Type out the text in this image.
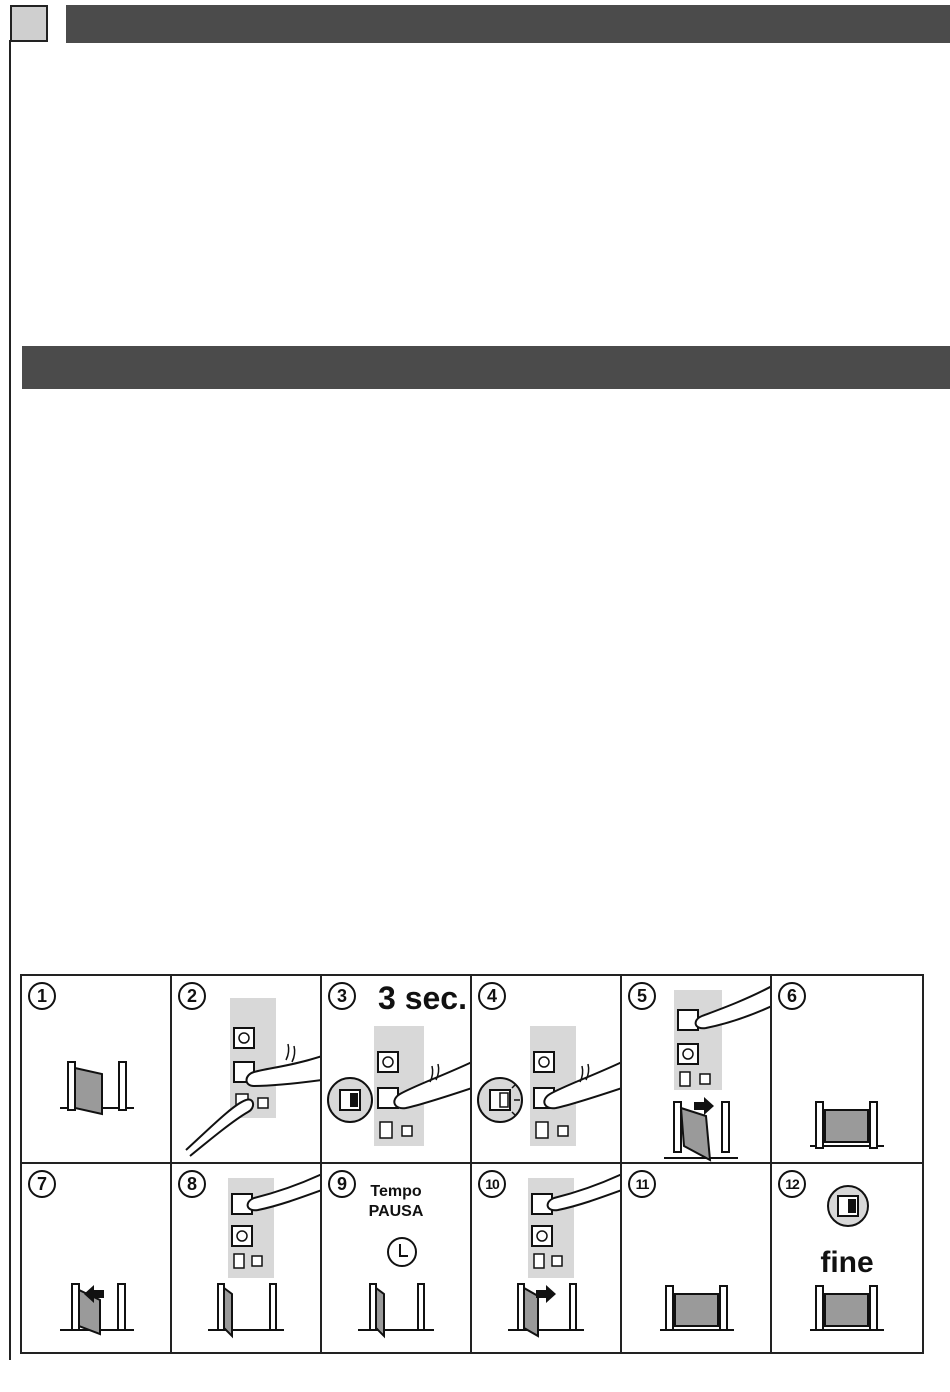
1	2	3 3 sec.	4	5	6
7	8	9	Tempo
PAUSA
10	11	12
fine
